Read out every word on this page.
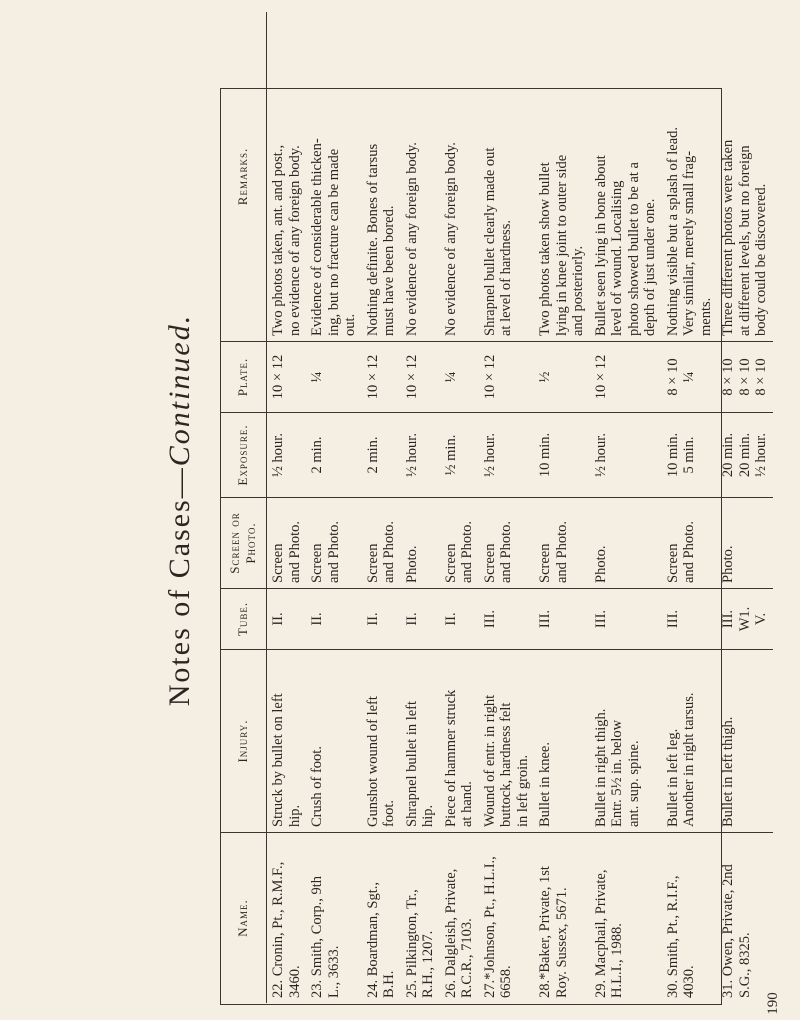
Notes of Cases—Continued.
Name.	Injury.	Tube.	Screen or Photo.	Exposure.	Plate.	Remarks.

22. Cronin, Pt., R.M.F., 3460.	Struck by bullet on left hip.	II.	Screen and Photo.	½ hour.	10 × 12	Two photos taken, ant. and post., no evidence of any foreign body.

23. Smith, Corp., 9th L., 3633.	Crush of foot.	II.	Screen and Photo.	2 min.	¼	Evidence of considerable thicken- ing, but no fracture can be made out.

24. Boardman, Sgt., B.H.	Gunshot wound of left foot.	II.	Screen and Photo.	2 min.	10 × 12	Nothing definite. Bones of tarsus must have been bored.

25. Pilkington, Tr., R.H., 1207.	Shrapnel bullet in left hip.	II.	Photo.	½ hour.	10 × 12	No evidence of any foreign body.

26. Dalgleish, Private, R.C.R., 7103.	Piece of hammer struck at hand.	II.	Screen and Photo.	½ min.	¼	No evidence of any foreign body.

27.*Johnson, Pt., H.L.I., 6658.	Wound of entr. in right buttock, hardness felt in left groin.	III.	Screen and Photo.	½ hour.	10 × 12	Shrapnel bullet clearly made out at level of hardness.

28.*Baker, Private, 1st Roy. Sussex, 5671.	Bullet in knee.	III.	Screen and Photo.	10 min.	½	Two photos taken show bullet lying in knee joint to outer side and posteriorly.

29. Macphail, Private, H.L.I., 1988.	Bullet in right thigh. Entr. 5½ in. below ant. sup. spine.	III.	Photo.	½ hour.	10 × 12	Bullet seen lying in bone about level of wound. Localising photo showed bullet to be at a depth of just under one.

30. Smith, Pt., R.I.F., 4030.	Bullet in left leg. Another in right tarsus.	III.	Screen and Photo.	10 min. 5 min.	8 × 10 ¼	Nothing visible but a splash of lead. Very similar, merely small frag- ments.

31. Owen, Private, 2nd S.G., 8325.	Bullet in left thigh.	III. W1. V.	Photo.	20 min. 20 min. ½ hour.	8 × 10 8 × 10 8 × 10	Three different photos were taken at different levels, but no foreign body could be discovered.
190
